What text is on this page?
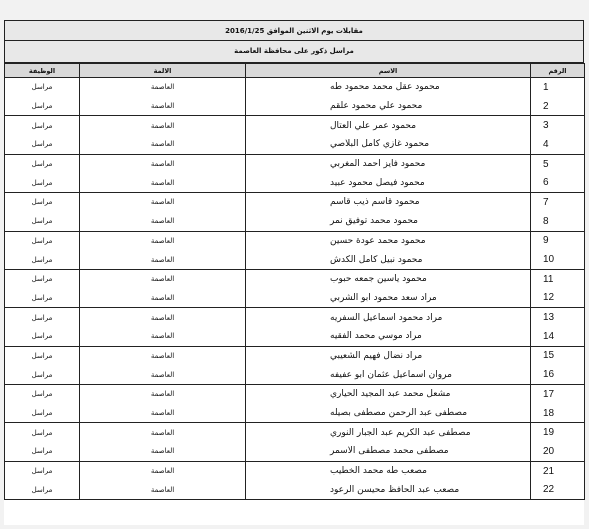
مقابلات يوم الاثنين الموافق 2016/1/25
مراسل ذكور على محافظة العاصمة
الرقم	الاسم	الالمة	الوظيفة
1	محمود عقل محمد محمود طه	العاصمة	مراسل
2	محمود علي محمود علقم	العاصمة	مراسل
3	محمود عمر علي العتال	العاصمة	مراسل
4	محمود غازي كامل البلاصي	العاصمة	مراسل
5	محمود فايز احمد المغربي	العاصمة	مراسل
6	محمود فيصل محمود عبيد	العاصمة	مراسل
7	محمود قاسم ذيب قاسم	العاصمة	مراسل
8	محمود محمد توفيق نمر	العاصمة	مراسل
9	محمود محمد عودة حسين	العاصمة	مراسل
10	محمود نبيل كامل الكدش	العاصمة	مراسل
11	محمود ياسين جمعه حبوب	العاصمة	مراسل
12	مراد سعد محمود ابو الشربي	العاصمة	مراسل
13	مراد محمود اسماعيل السفريه	العاصمة	مراسل
14	مراد موسي محمد الفقيه	العاصمة	مراسل
15	مراد نضال فهيم الشعيبي	العاصمة	مراسل
16	مروان اسماعيل عثمان ابو عفيفه	العاصمة	مراسل
17	مشعل محمد عبد المجيد الحياري	العاصمة	مراسل
18	مصطفى عبد الرحمن مصطفى بصيله	العاصمة	مراسل
19	مصطفى عبد الكريم عبد الجبار النوري	العاصمة	مراسل
20	مصطفى محمد مصطفى الاسمر	العاصمة	مراسل
21	مصعب طه محمد الخطيب	العاصمة	مراسل
22	مصعب عبد الحافظ محيسن الرعود	العاصمة	مراسل
